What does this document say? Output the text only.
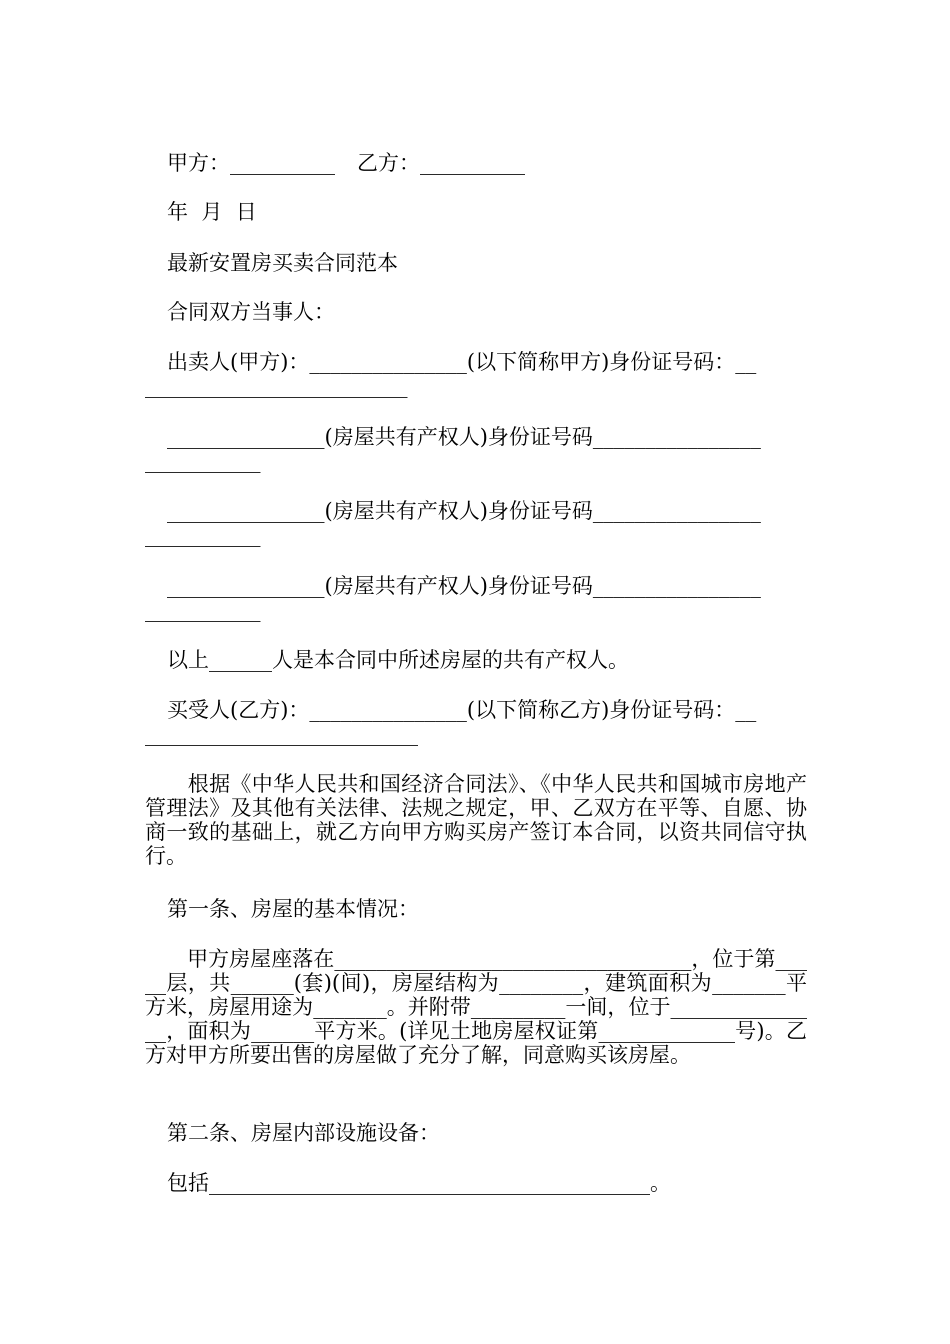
甲方：__________ 乙方：__________

年  月  日

最新安置房买卖合同范本

合同双方当事人：

出卖人(甲方)：_______________(以下简称甲方)身份证号码：__

_________________________

_______________(房屋共有产权人)身份证号码________________

___________

_______________(房屋共有产权人)身份证号码________________

___________

_______________(房屋共有产权人)身份证号码________________

___________

以上______人是本合同中所述房屋的共有产权人。

买受人(乙方)：_______________(以下简称乙方)身份证号码：__

__________________________

　　根据《中华人民共和国经济合同法》、《中华人民共和国城市房地产管理法》及其他有关法律、法规之规定，甲、乙双方在平等、自愿、协商一致的基础上，就乙方向甲方购买房产签订本合同，以资共同信守执行。

第一条、房屋的基本情况：

　　甲方房屋座落在__________________________________，位于第_____层，共______(套)(间)，房屋结构为________，建筑面积为_______平方米，房屋用途为_______。并附带_________一间，位于_______________，面积为______平方米。(详见土地房屋权证第_____________号)。乙方对甲方所要出售的房屋做了充分了解，同意购买该房屋。

第二条、房屋内部设施设备：

包括__________________________________________。
